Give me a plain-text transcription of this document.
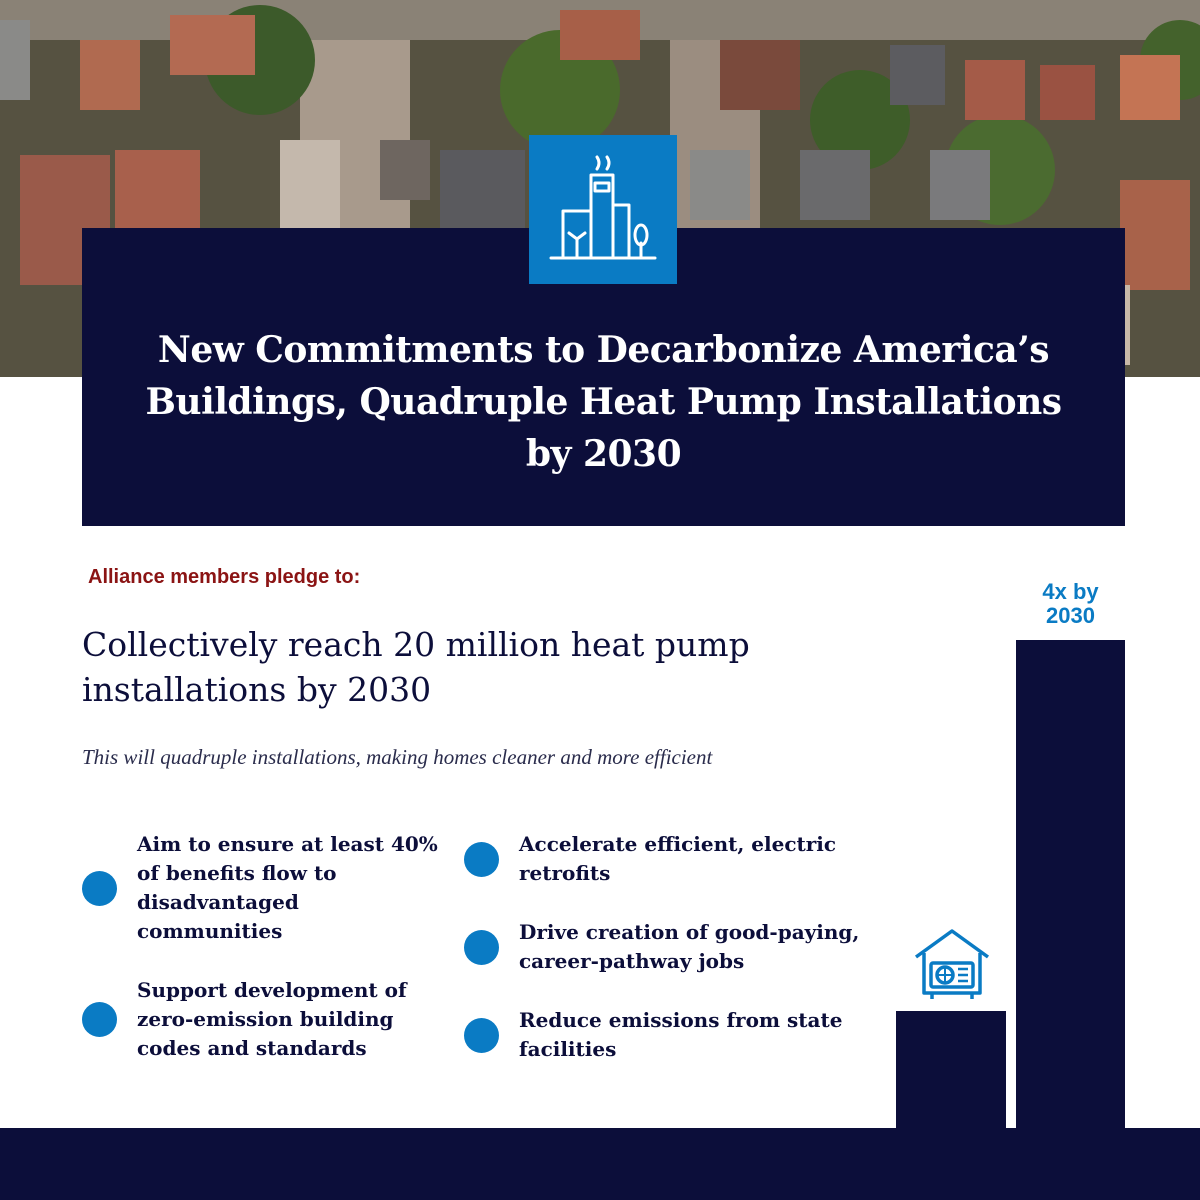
New Commitments to Decarbonize America’s Buildings, Quadruple Heat Pump Installations by 2030
Alliance members pledge to:
Collectively reach 20 million heat pump installations by 2030
This will quadruple installations, making homes cleaner and more efficient
Aim to ensure at least 40% of benefits flow to disadvantaged communities
Support development of zero-emission building codes and standards
Accelerate efficient, electric retrofits
Drive creation of good-paying, career-pathway jobs
Reduce emissions from state facilities
4x by 2030
